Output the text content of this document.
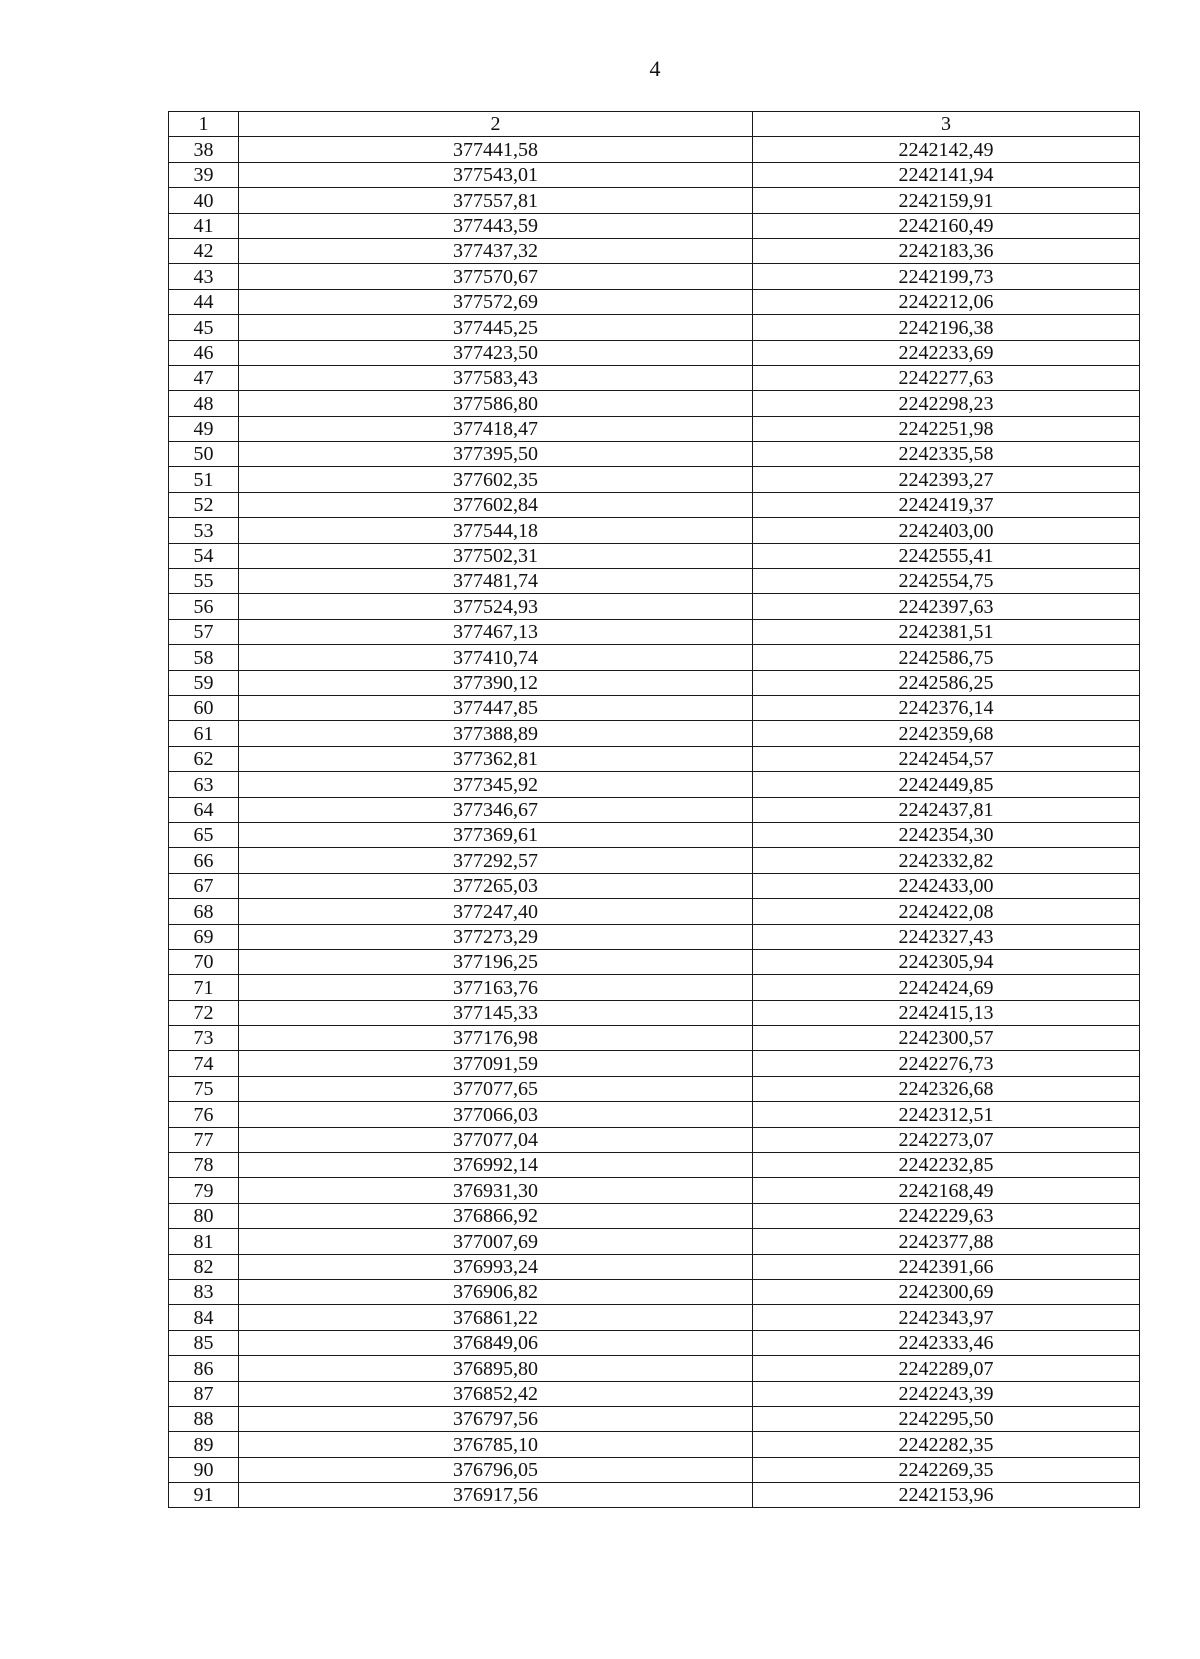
4
1	2	3
38	377441,58	2242142,49
39	377543,01	2242141,94
40	377557,81	2242159,91
41	377443,59	2242160,49
42	377437,32	2242183,36
43	377570,67	2242199,73
44	377572,69	2242212,06
45	377445,25	2242196,38
46	377423,50	2242233,69
47	377583,43	2242277,63
48	377586,80	2242298,23
49	377418,47	2242251,98
50	377395,50	2242335,58
51	377602,35	2242393,27
52	377602,84	2242419,37
53	377544,18	2242403,00
54	377502,31	2242555,41
55	377481,74	2242554,75
56	377524,93	2242397,63
57	377467,13	2242381,51
58	377410,74	2242586,75
59	377390,12	2242586,25
60	377447,85	2242376,14
61	377388,89	2242359,68
62	377362,81	2242454,57
63	377345,92	2242449,85
64	377346,67	2242437,81
65	377369,61	2242354,30
66	377292,57	2242332,82
67	377265,03	2242433,00
68	377247,40	2242422,08
69	377273,29	2242327,43
70	377196,25	2242305,94
71	377163,76	2242424,69
72	377145,33	2242415,13
73	377176,98	2242300,57
74	377091,59	2242276,73
75	377077,65	2242326,68
76	377066,03	2242312,51
77	377077,04	2242273,07
78	376992,14	2242232,85
79	376931,30	2242168,49
80	376866,92	2242229,63
81	377007,69	2242377,88
82	376993,24	2242391,66
83	376906,82	2242300,69
84	376861,22	2242343,97
85	376849,06	2242333,46
86	376895,80	2242289,07
87	376852,42	2242243,39
88	376797,56	2242295,50
89	376785,10	2242282,35
90	376796,05	2242269,35
91	376917,56	2242153,96
